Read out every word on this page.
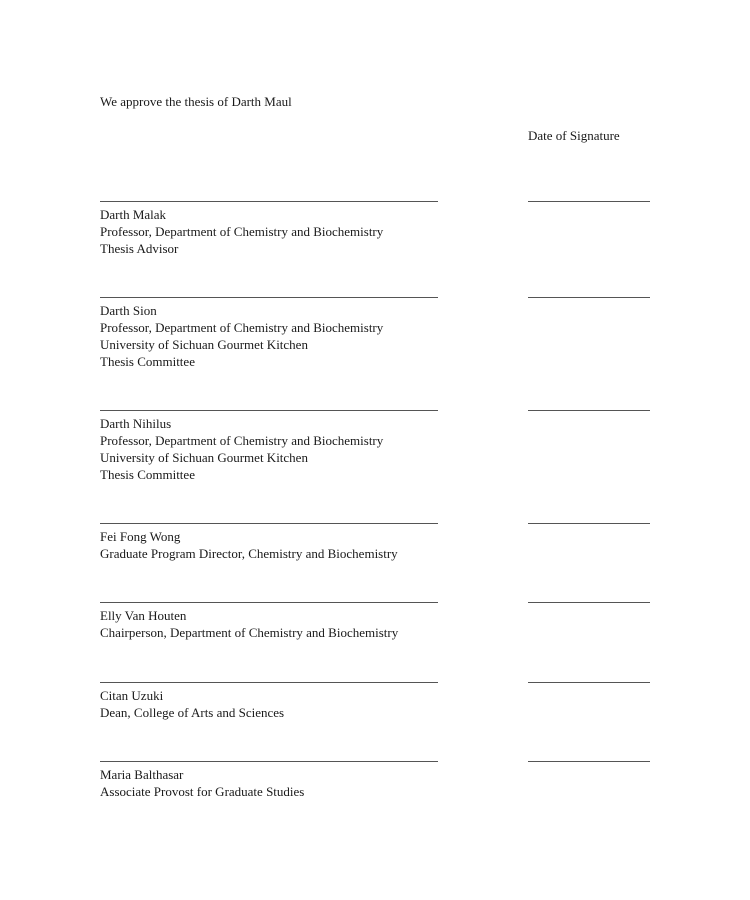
We approve the thesis of Darth Maul
Date of Signature
Darth Malak
Professor, Department of Chemistry and Biochemistry
Thesis Advisor
Darth Sion
Professor, Department of Chemistry and Biochemistry
University of Sichuan Gourmet Kitchen
Thesis Committee
Darth Nihilus
Professor, Department of Chemistry and Biochemistry
University of Sichuan Gourmet Kitchen
Thesis Committee
Fei Fong Wong
Graduate Program Director, Chemistry and Biochemistry
Elly Van Houten
Chairperson, Department of Chemistry and Biochemistry
Citan Uzuki
Dean, College of Arts and Sciences
Maria Balthasar
Associate Provost for Graduate Studies
